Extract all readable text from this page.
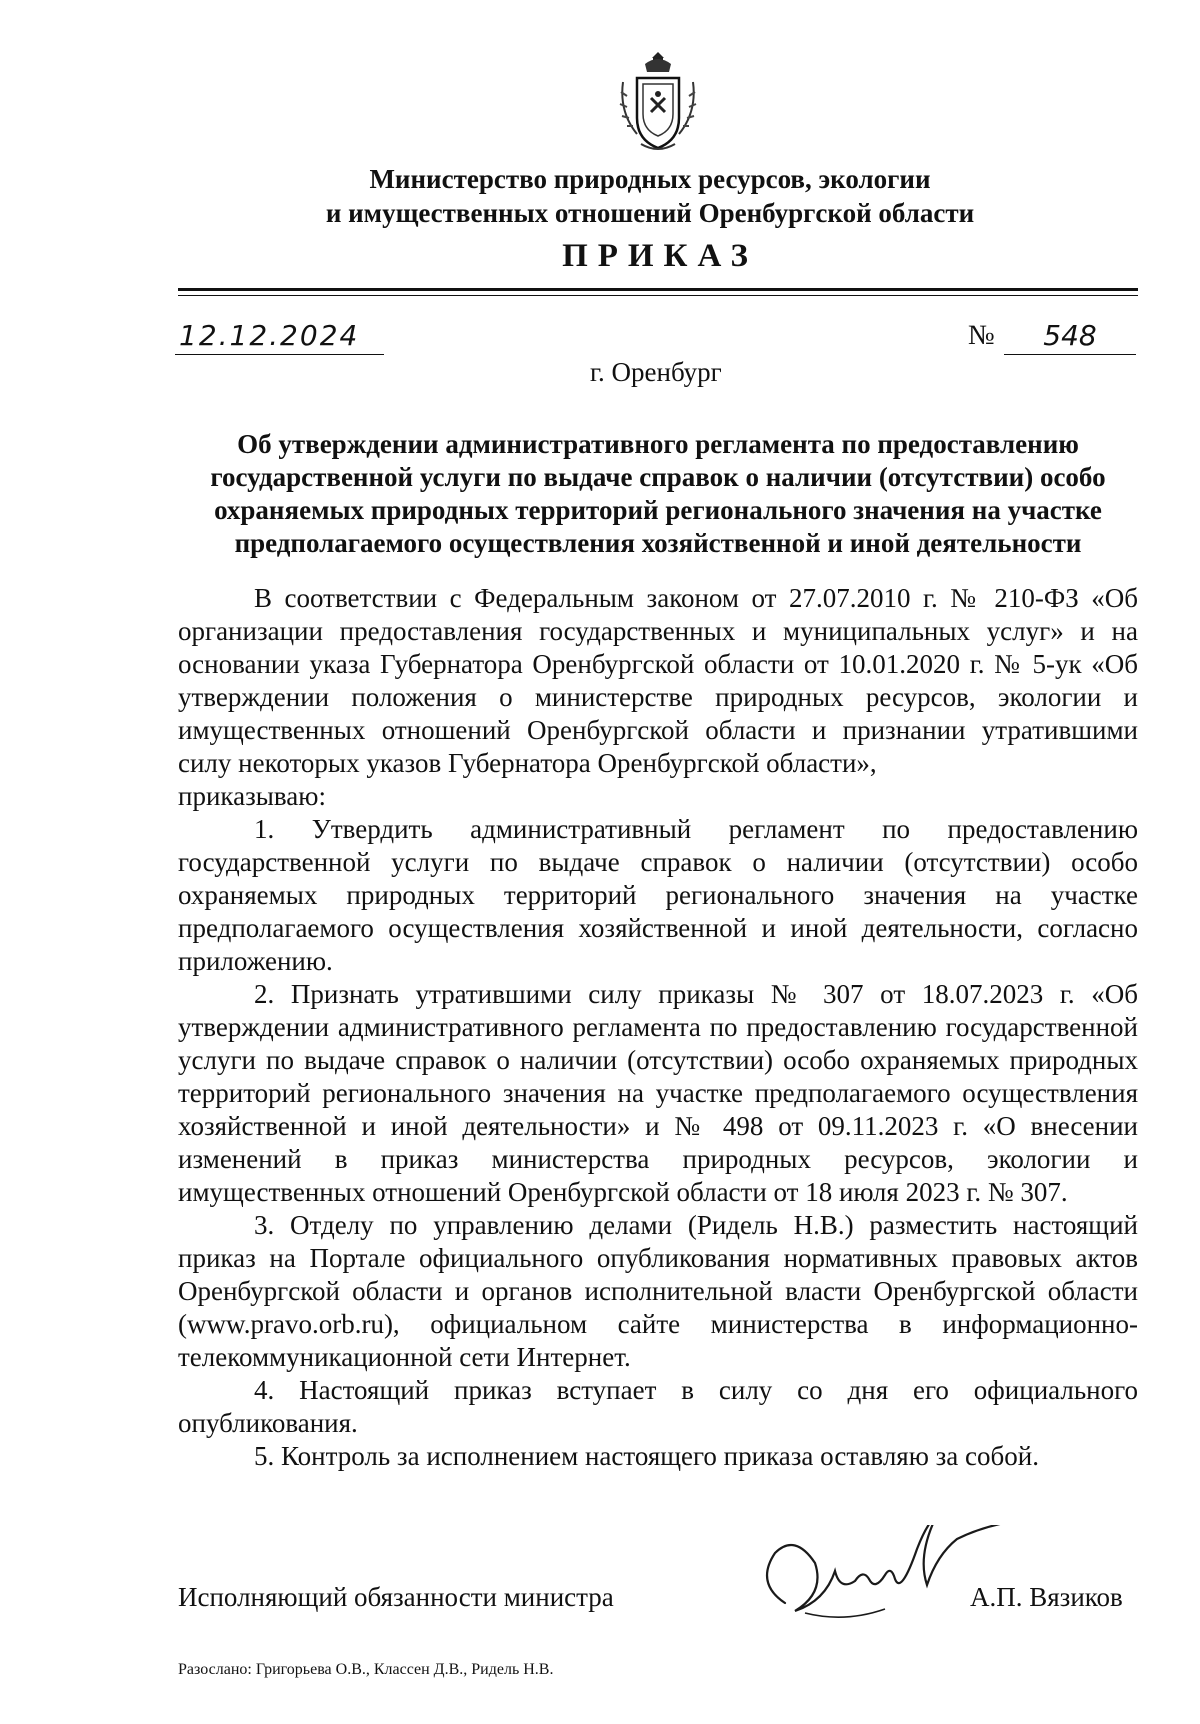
Министерство природных ресурсов, экологии
и имущественных отношений Оренбургской области
ПРИКАЗ
12.12.2024	№	548
г. Оренбург
Об утверждении административного регламента по предоставлению государственной услуги по выдаче справок о наличии (отсутствии) особо охраняемых природных территорий регионального значения на участке предполагаемого осуществления хозяйственной и иной деятельности

В соответствии с Федеральным законом от 27.07.2010 г. № 210-ФЗ «Об организации предоставления государственных и муниципальных услуг» и на основании указа Губернатора Оренбургской области от 10.01.2020 г. № 5-ук «Об утверждении положения о министерстве природных ресурсов, экологии и имущественных отношений Оренбургской области и признании утратившими силу некоторых указов Губернатора Оренбургской области»,

приказываю:

1. Утвердить административный регламент по предоставлению государственной услуги по выдаче справок о наличии (отсутствии) особо охраняемых природных территорий регионального значения на участке предполагаемого осуществления хозяйственной и иной деятельности, согласно приложению.

2. Признать утратившими силу приказы № 307 от 18.07.2023 г. «Об утверждении административного регламента по предоставлению государственной услуги по выдаче справок о наличии (отсутствии) особо охраняемых природных территорий регионального значения на участке предполагаемого осуществления хозяйственной и иной деятельности» и № 498 от 09.11.2023 г. «О внесении изменений в приказ министерства природных ресурсов, экологии и имущественных отношений Оренбургской области от 18 июля 2023 г. № 307.

3. Отделу по управлению делами (Ридель Н.В.) разместить настоящий приказ на Портале официального опубликования нормативных правовых актов Оренбургской области и органов исполнительной власти Оренбургской области (www.pravo.orb.ru), официальном сайте министерства в информационно-телекоммуникационной сети Интернет.

4. Настоящий приказ вступает в силу со дня его официального опубликования.

5. Контроль за исполнением настоящего приказа оставляю за собой.

Исполняющий обязанности министра	А.П. Вязиков
Разослано: Григорьева О.В., Классен Д.В., Ридель Н.В.
